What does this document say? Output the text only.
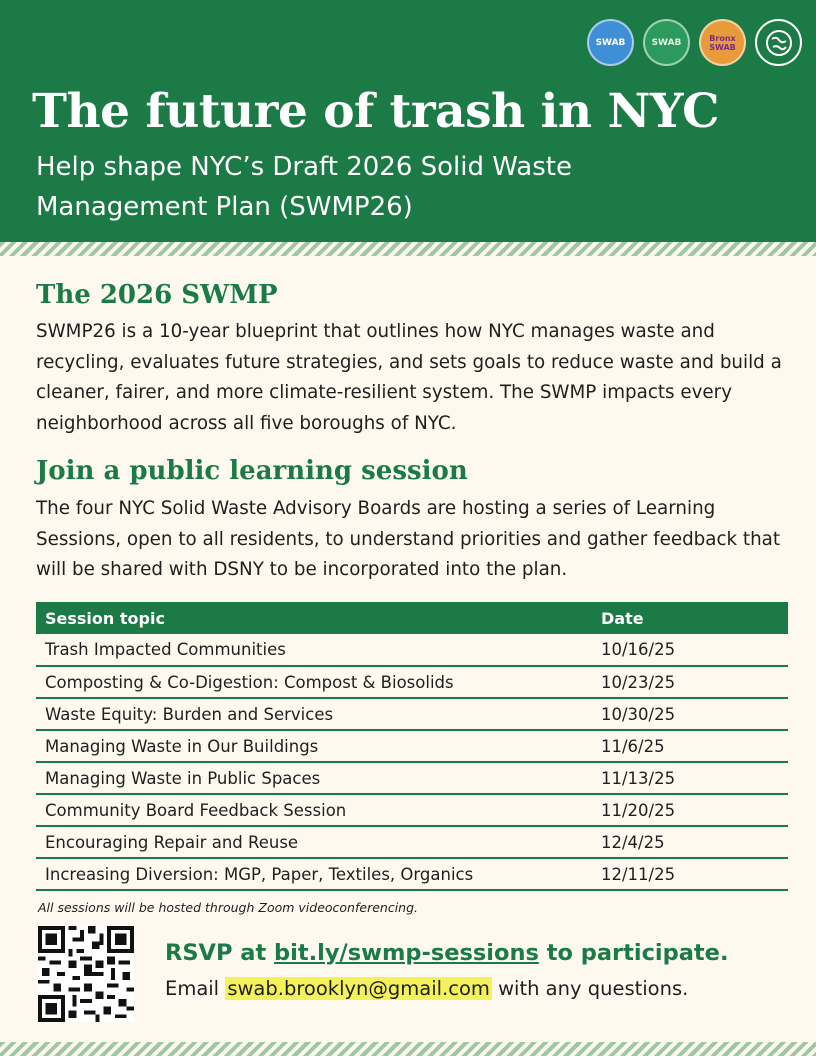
SWAB	SWAB	Bronx SWAB
The future of trash in NYC
Help shape NYC’s Draft 2026 Solid Waste Management Plan (SWMP26)
The 2026 SWMP
SWMP26 is a 10-year blueprint that outlines how NYC manages waste and recycling, evaluates future strategies, and sets goals to reduce waste and build a cleaner, fairer, and more climate-resilient system. The SWMP impacts every neighborhood across all five boroughs of NYC.
Join a public learning session
The four NYC Solid Waste Advisory Boards are hosting a series of Learning Sessions, open to all residents, to understand priorities and gather feedback that will be shared with DSNY to be incorporated into the plan.
Session topic	Date
Trash Impacted Communities	10/16/25
Composting & Co-Digestion: Compost & Biosolids	10/23/25
Waste Equity: Burden and Services	10/30/25
Managing Waste in Our Buildings	11/6/25
Managing Waste in Public Spaces	11/13/25
Community Board Feedback Session	11/20/25
Encouraging Repair and Reuse	12/4/25
Increasing Diversion: MGP, Paper, Textiles, Organics	12/11/25
All sessions will be hosted through Zoom videoconferencing.
RSVP at bit.ly/swmp-sessions to participate.
Email swab.brooklyn@gmail.com with any questions.
